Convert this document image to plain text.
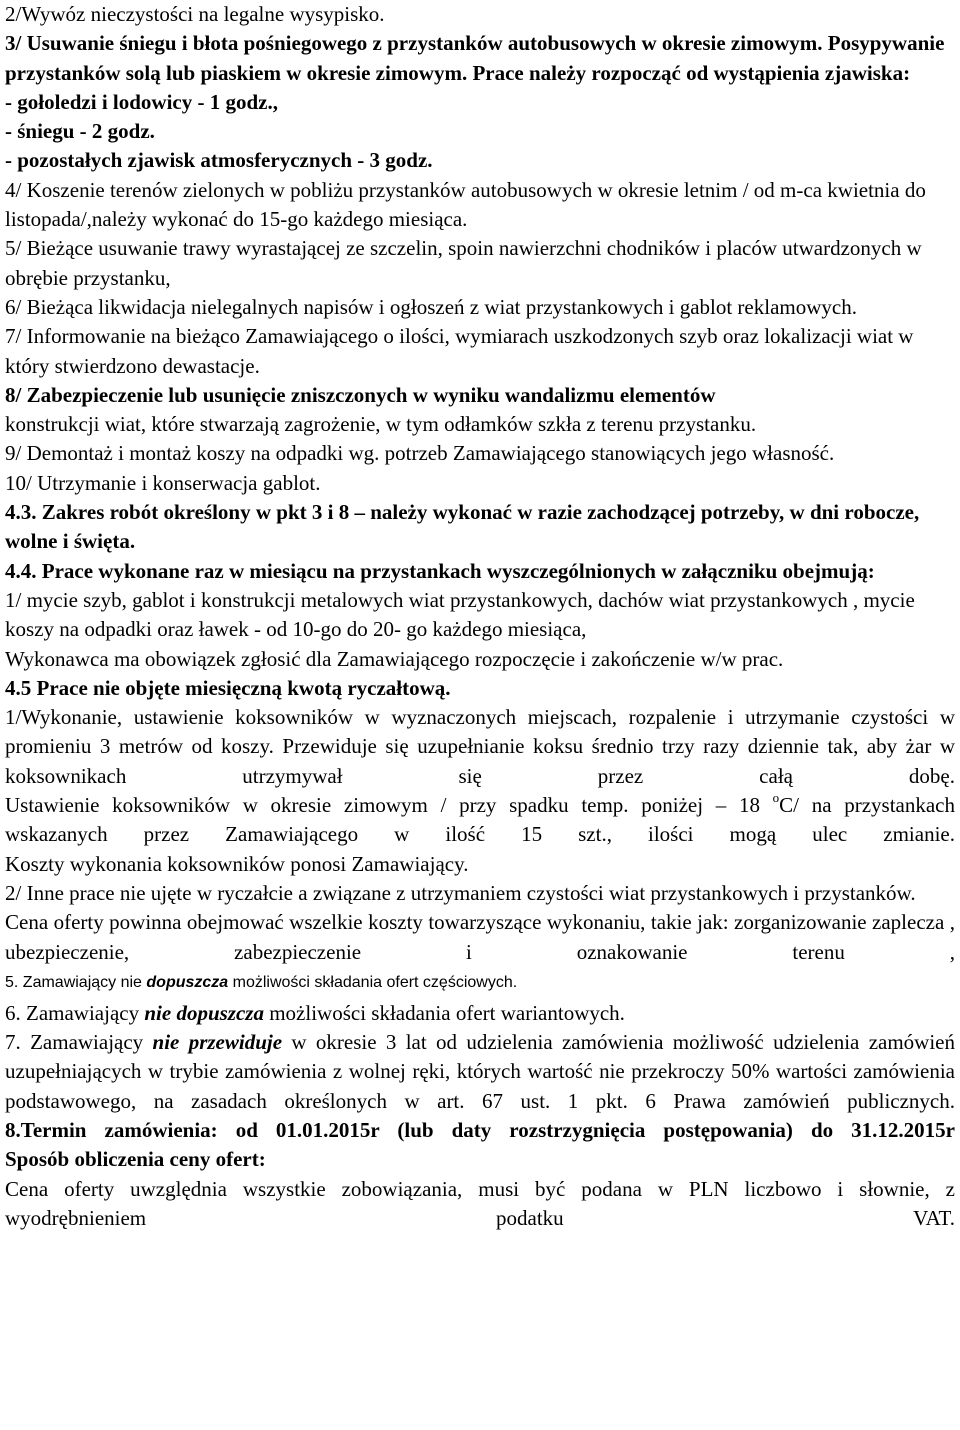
2/Wywóz nieczystości na legalne wysypisko.

3/ Usuwanie śniegu i błota pośniegowego z przystanków autobusowych w okresie zimowym. Posypywanie przystanków solą lub piaskiem w okresie zimowym. Prace należy rozpocząć od wystąpienia zjawiska:

- gołoledzi i lodowicy - 1 godz.,

- śniegu - 2 godz.

- pozostałych zjawisk atmosferycznych - 3 godz.

4/ Koszenie terenów zielonych w pobliżu przystanków autobusowych w okresie letnim / od m-ca kwietnia do listopada/,należy wykonać do 15-go każdego miesiąca.

5/ Bieżące usuwanie trawy wyrastającej ze szczelin, spoin nawierzchni chodników i placów utwardzonych w obrębie przystanku,

6/ Bieżąca likwidacja nielegalnych napisów i ogłoszeń z wiat przystankowych i gablot reklamowych.

7/ Informowanie na bieżąco Zamawiającego o ilości, wymiarach uszkodzonych szyb oraz lokalizacji wiat w który stwierdzono dewastacje.

8/ Zabezpieczenie lub usunięcie zniszczonych w wyniku wandalizmu elementów

konstrukcji wiat, które stwarzają zagrożenie, w tym odłamków szkła z terenu przystanku.

9/ Demontaż i montaż koszy na odpadki wg. potrzeb Zamawiającego stanowiących jego własność.

10/ Utrzymanie i konserwacja gablot.

4.3. Zakres robót określony w pkt 3 i 8 – należy wykonać w razie zachodzącej potrzeby, w dni robocze, wolne i święta.

4.4. Prace wykonane raz w miesiącu na przystankach wyszczególnionych w załączniku obejmują:

1/ mycie szyb, gablot i konstrukcji metalowych wiat przystankowych, dachów wiat przystankowych , mycie koszy na odpadki oraz ławek - od 10-go do 20- go każdego miesiąca,

Wykonawca ma obowiązek zgłosić dla Zamawiającego rozpoczęcie i zakończenie w/w prac.

4.5 Prace nie objęte miesięczną kwotą ryczałtową.

1/Wykonanie, ustawienie koksowników w wyznaczonych miejscach, rozpalenie i utrzymanie czystości w promieniu 3 metrów od koszy. Przewiduje się uzupełnianie koksu średnio trzy razy dziennie tak, aby żar w koksownikach utrzymywał się przez całą dobę.

Ustawienie koksowników w okresie zimowym / przy spadku temp. poniżej – 18 $^o$C/ na przystankach wskazanych przez Zamawiającego w ilość 15 szt., ilości mogą ulec zmianie.

Koszty wykonania koksowników ponosi Zamawiający.

2/ Inne prace nie ujęte w ryczałcie a związane z utrzymaniem czystości wiat przystankowych i przystanków.

Cena oferty powinna obejmować wszelkie koszty towarzyszące wykonaniu, takie jak: zorganizowanie zaplecza , ubezpieczenie, zabezpieczenie i oznakowanie terenu ,

5. Zamawiający nie dopuszcza możliwości składania ofert częściowych.

6. Zamawiający nie dopuszcza możliwości składania ofert wariantowych.

7. Zamawiający nie przewiduje w okresie 3 lat od udzielenia zamówienia możliwość udzielenia zamówień uzupełniających w trybie zamówienia z wolnej ręki, których wartość nie przekroczy 50% wartości zamówienia podstawowego, na zasadach określonych w art. 67 ust. 1 pkt. 6 Prawa zamówień publicznych.

8.Termin zamówienia: od 01.01.2015r (lub daty rozstrzygnięcia postępowania) do 31.12.2015r

Sposób obliczenia ceny ofert:

Cena oferty uwzględnia wszystkie zobowiązania, musi być podana w PLN liczbowo i słownie, z wyodrębnieniem podatku VAT.
